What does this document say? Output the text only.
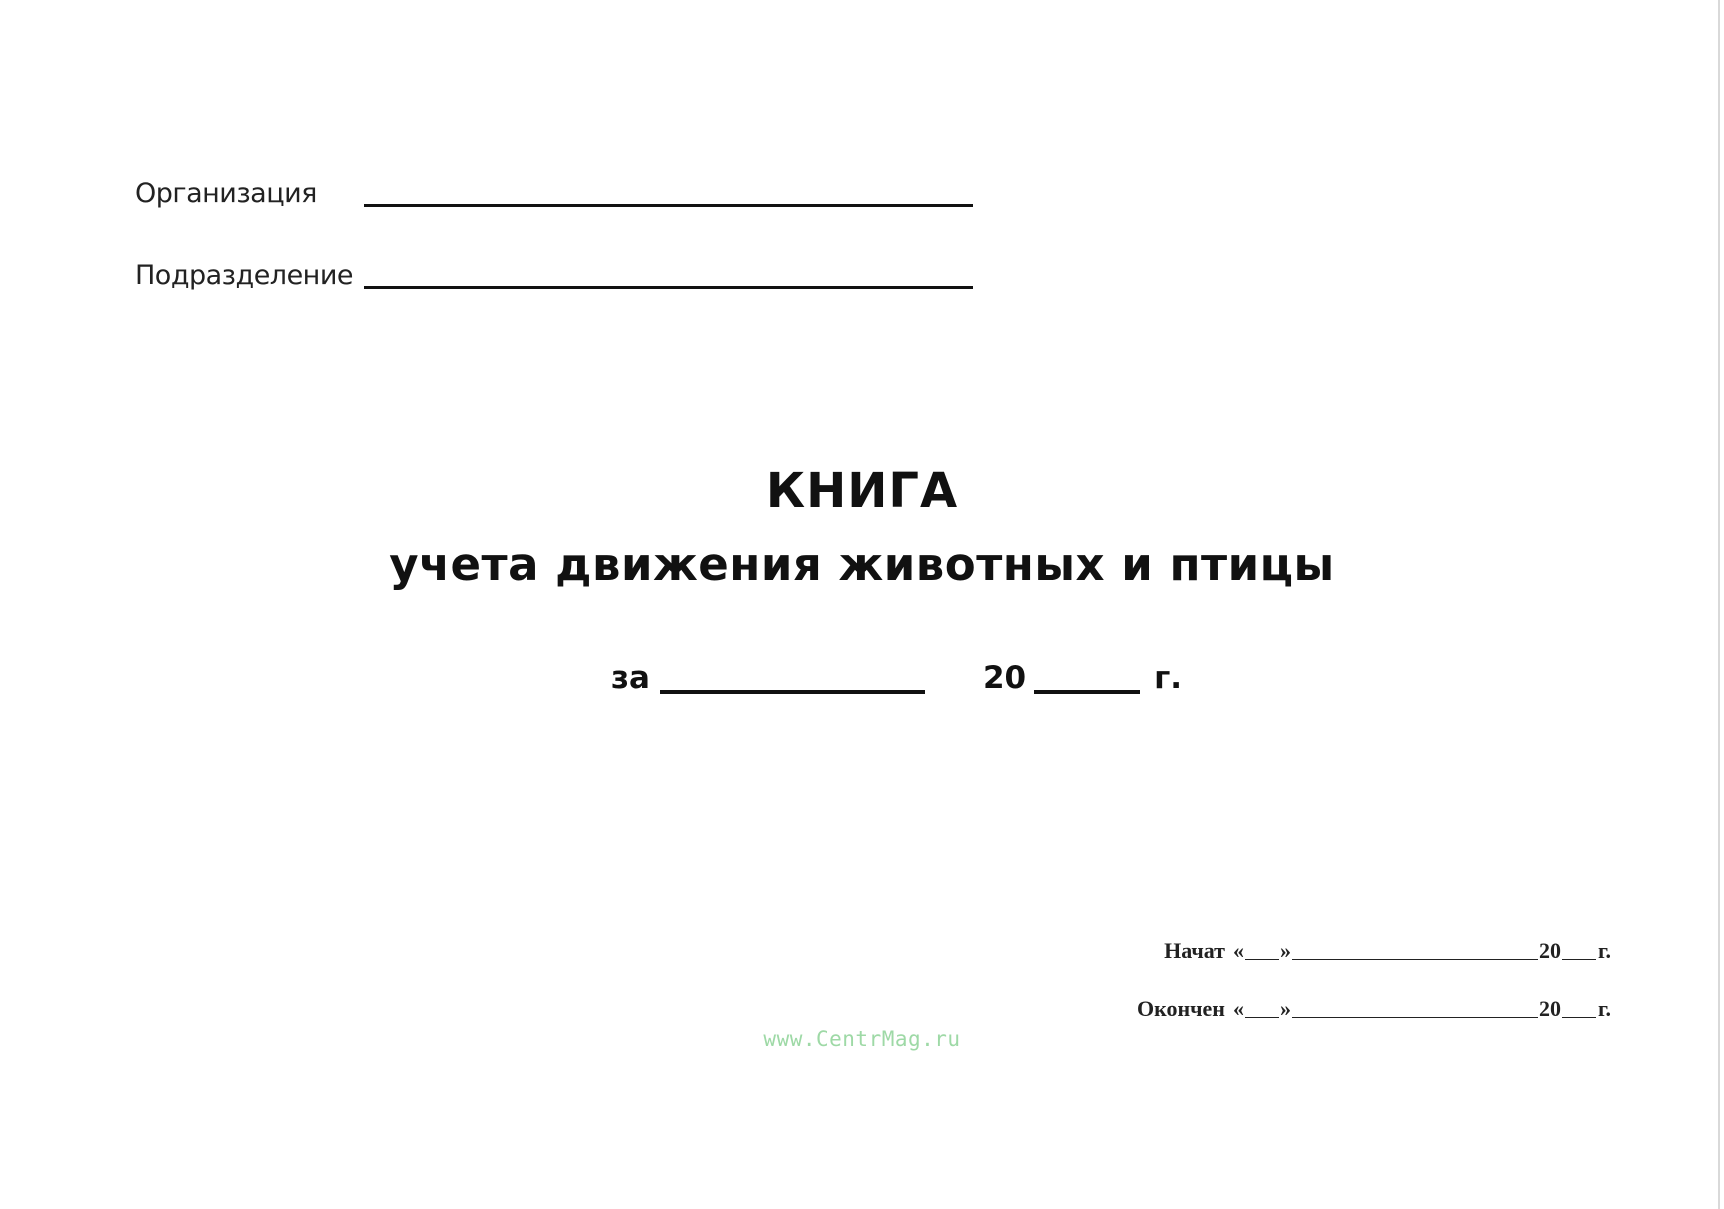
Организация
Подразделение
КНИГА
учета движения животных и птицы
за	20	г.
Начат « »	20 г.
Окончен « »	20 г.
www.CentrMag.ru
